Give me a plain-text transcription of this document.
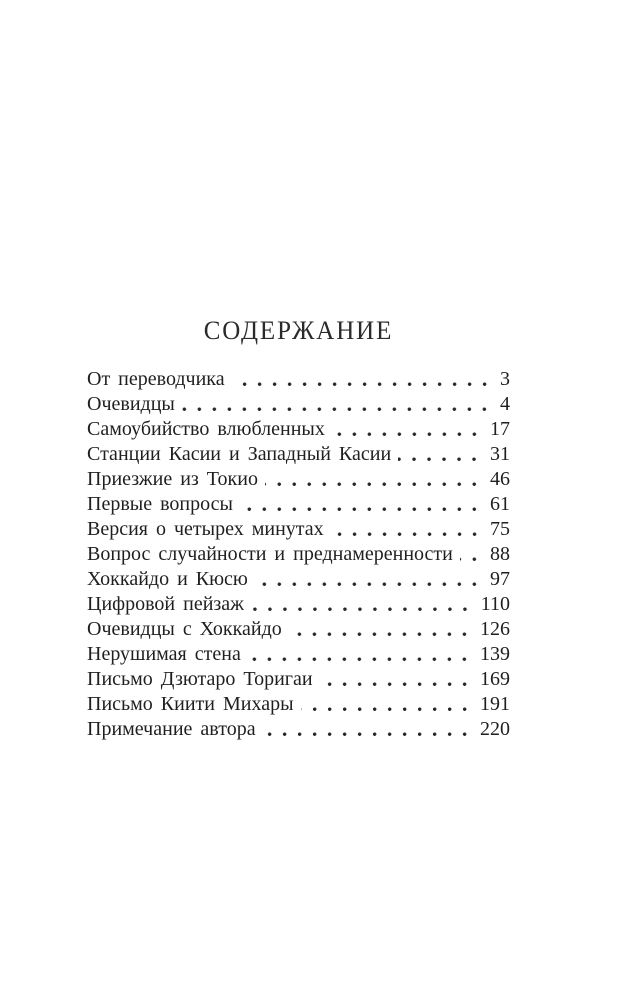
СОДЕРЖАНИЕ
От переводчика	3
Очевидцы	4
Самоубийство влюбленных	17
Станции Касии и Западный Касии	31
Приезжие из Токио	46
Первые вопросы	61
Версия о четырех минутах	75
Вопрос случайности и преднамеренности 88
Хоккайдо и Кюсю	97
Цифровой пейзаж	110
Очевидцы с Хоккайдо	126
Нерушимая стена	139
Письмо Дзютаро Торигаи	169
Письмо Киити Михары	191
Примечание автора	220
